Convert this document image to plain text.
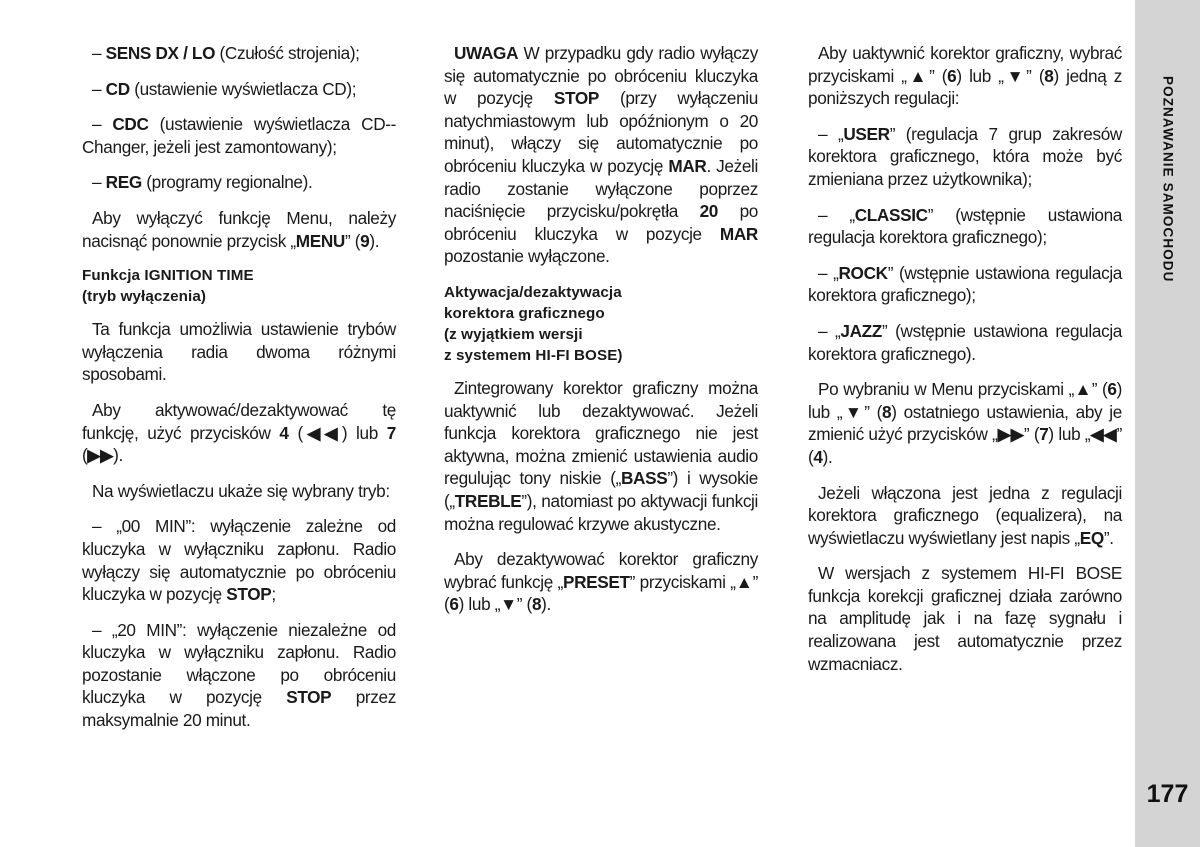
POZNAWANIE SAMOCHODU
177

– SENS DX / LO (Czułość strojenia);

– CD (ustawienie wyświetlacza CD);

– CDC (ustawienie wyświetlacza CD--Changer, jeżeli jest zamontowany);

– REG (programy regionalne).

Aby wyłączyć funkcję Menu, należy nacisnąć ponownie przycisk „MENU” (9).

Funkcja IGNITION TIME
(tryb wyłączenia)

Ta funkcja umożliwia ustawienie trybów wyłączenia radia dwoma różnymi sposobami.

Aby aktywować/dezaktywować tę funkcję, użyć przycisków 4 (◀◀) lub 7 (▶▶).

Na wyświetlaczu ukaże się wybrany tryb:

– „00 MIN”: wyłączenie zależne od kluczyka w wyłączniku zapłonu. Radio wyłączy się automatycznie po obróceniu kluczyka w pozycję STOP;

– „20 MIN”: wyłączenie niezależne od kluczyka w wyłączniku zapłonu. Radio pozostanie włączone po obróceniu kluczyka w pozycję STOP przez maksymalnie 20 minut.

UWAGA W przypadku gdy radio wyłączy się automatycznie po obróceniu kluczyka w pozycję STOP (przy wyłączeniu natychmiastowym lub opóźnionym o 20 minut), włączy się automatycznie po obróceniu kluczyka w pozycję MAR. Jeżeli radio zostanie wyłączone poprzez naciśnięcie przycisku/pokrętła 20 po obróceniu kluczyka w pozycje MAR pozostanie wyłączone.

Aktywacja/dezaktywacja
korektora graficznego
(z wyjątkiem wersji
z systemem HI-FI BOSE)

Zintegrowany korektor graficzny można uaktywnić lub dezaktywować. Jeżeli funkcja korektora graficznego nie jest aktywna, można zmienić ustawienia audio regulując tony niskie („BASS”) i wysokie („TREBLE”), natomiast po aktywacji funkcji można regulować krzywe akustyczne.

Aby dezaktywować korektor graficzny wybrać funkcję „PRESET” przyciskami „▲” (6) lub „▼” (8).

Aby uaktywnić korektor graficzny, wybrać przyciskami „▲” (6) lub „▼” (8) jedną z poniższych regulacji:

– „USER” (regulacja 7 grup zakresów korektora graficznego, która może być zmieniana przez użytkownika);

– „CLASSIC” (wstępnie ustawiona regulacja korektora graficznego);

– „ROCK” (wstępnie ustawiona regulacja korektora graficznego);

– „JAZZ” (wstępnie ustawiona regulacja korektora graficznego).

Po wybraniu w Menu przyciskami „▲” (6) lub „▼” (8) ostatniego ustawienia, aby je zmienić użyć przycisków „▶▶” (7) lub „◀◀” (4).

Jeżeli włączona jest jedna z regulacji korektora graficznego (equalizera), na wyświetlaczu wyświetlany jest napis „EQ”.

W wersjach z systemem HI-FI BOSE funkcja korekcji graficznej działa zarówno na amplitudę jak i na fazę sygnału i realizowana jest automatycznie przez wzmacniacz.
